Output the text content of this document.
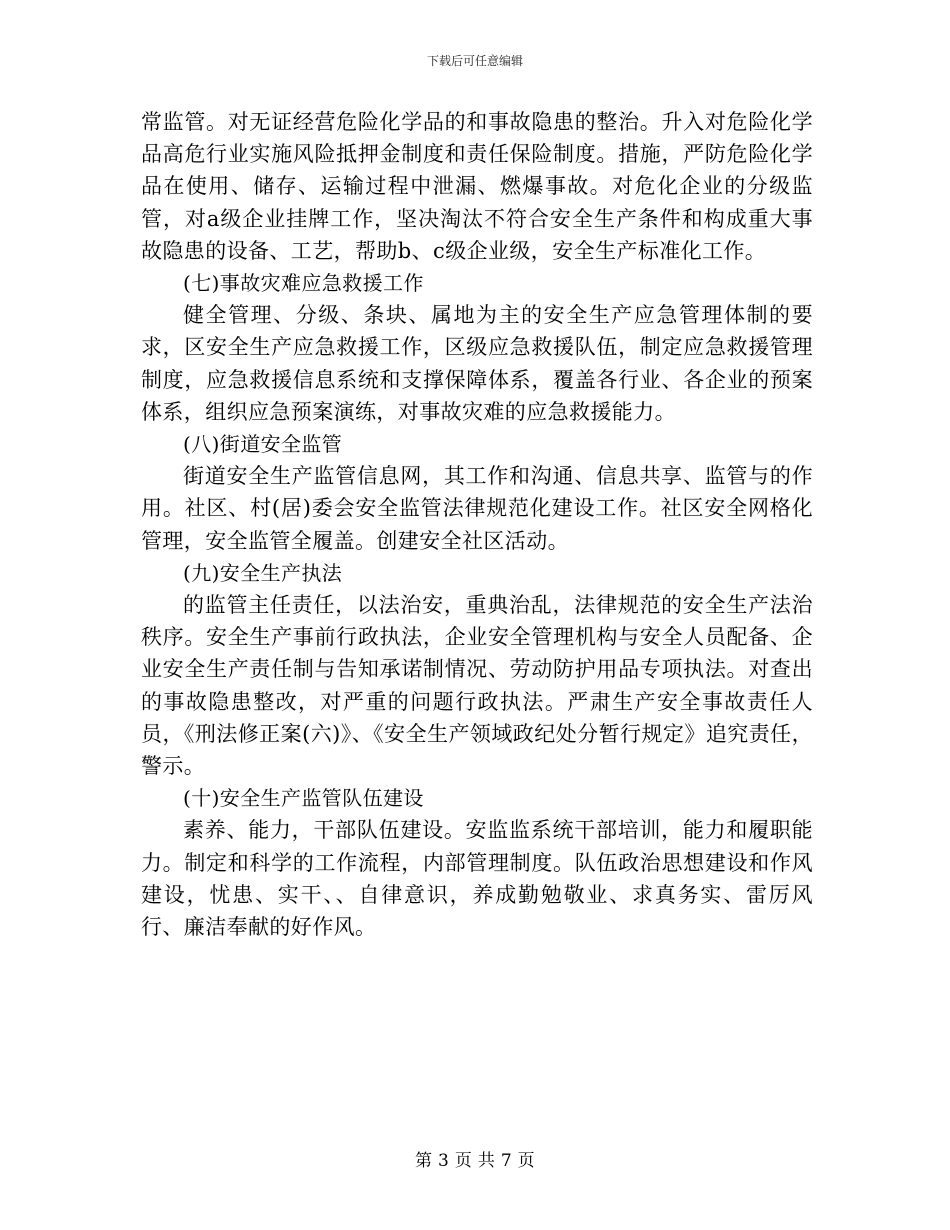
下载后可任意编辑

常监管。对无证经营危险化学品的和事故隐患的整治。升入对危险化学品高危行业实施风险抵押金制度和责任保险制度。措施，严防危险化学品在使用、储存、运输过程中泄漏、燃爆事故。对危化企业的分级监管，对a级企业挂牌工作，坚决淘汰不符合安全生产条件和构成重大事故隐患的设备、工艺，帮助b、c级企业级，安全生产标准化工作。

(七)事故灾难应急救援工作

健全管理、分级、条块、属地为主的安全生产应急管理体制的要求，区安全生产应急救援工作，区级应急救援队伍，制定应急救援管理制度，应急救援信息系统和支撑保障体系，覆盖各行业、各企业的预案体系，组织应急预案演练，对事故灾难的应急救援能力。

(八)街道安全监管

街道安全生产监管信息网，其工作和沟通、信息共享、监管与的作用。社区、村(居)委会安全监管法律规范化建设工作。社区安全网格化管理，安全监管全履盖。创建安全社区活动。

(九)安全生产执法

的监管主任责任，以法治安，重典治乱，法律规范的安全生产法治秩序。安全生产事前行政执法，企业安全管理机构与安全人员配备、企业安全生产责任制与告知承诺制情况、劳动防护用品专项执法。对查出的事故隐患整改，对严重的问题行政执法。严肃生产安全事故责任人员，《刑法修正案(六)》、《安全生产领域政纪处分暂行规定》追究责任，警示。

(十)安全生产监管队伍建设

素养、能力，干部队伍建设。安监监系统干部培训，能力和履职能力。制定和科学的工作流程，内部管理制度。队伍政治思想建设和作风建设，忧患、实干、、自律意识，养成勤勉敬业、求真务实、雷厉风行、廉洁奉献的好作风。

第 3 页 共 7 页
